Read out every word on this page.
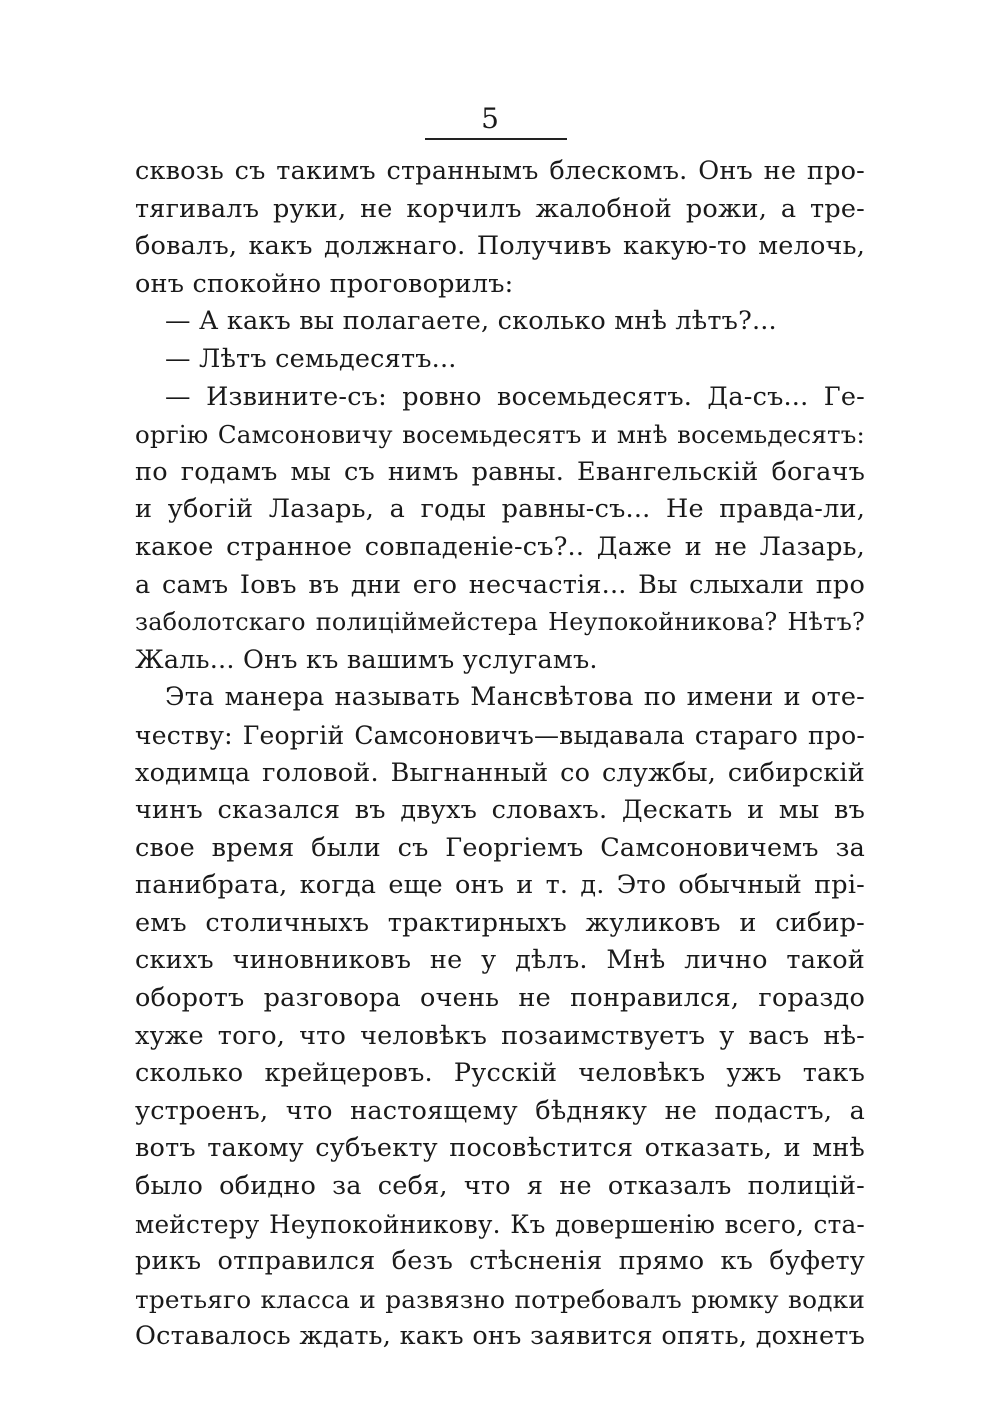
5
сквозь съ такимъ страннымъ блескомъ. Онъ не про-
тягивалъ руки, не корчилъ жалобной рожи, а тре-
бовалъ, какъ должнаго. Получивъ какую-то мелочь,
онъ спокойно проговорилъ:
— А какъ вы полагаете, сколько мнѣ лѣтъ?...
— Лѣтъ семьдесятъ...
— Извините-съ: ровно восемьдесятъ. Да-съ... Ге-
оргію Самсоновичу восемьдесятъ и мнѣ восемьдесятъ:
по годамъ мы съ нимъ равны. Евангельскій богачъ
и убогій Лазарь, а годы равны-съ... Не правда-ли,
какое странное совпаденіе-съ?.. Даже и не Лазарь,
а самъ Іовъ въ дни его несчастія... Вы слыхали про
заболотскаго полицiймейстера Неупокойникова? Нѣтъ?
Жаль... Онъ къ вашимъ услугамъ.
Эта манера называть Мансвѣтова по имени и оте-
честву: Георгій Самсоновичъ—выдавала стараго про-
ходимца головой. Выгнанный со службы, сибирскій
чинъ сказался въ двухъ словахъ. Дескать и мы въ
свое время были съ Георгіемъ Самсоновичемъ за
панибрата, когда еще онъ и т. д. Это обычный прі-
емъ столичныхъ трактирныхъ жуликовъ и сибир-
скихъ чиновниковъ не у дѣлъ. Мнѣ лично такой
оборотъ разговора очень не понравился, гораздо
хуже того, что человѣкъ позаимствуетъ у васъ нѣ-
сколько крейцеровъ. Русскій человѣкъ ужъ такъ
устроенъ, что настоящему бѣдняку не подастъ, а
вотъ такому субъекту посовѣстится отказать, и мнѣ
было обидно за себя, что я не отказалъ полицiй-
мейстеру Неупокойникову. Къ довершенію всего, ста-
рикъ отправился безъ стѣсненія прямо къ буфету
третьяго класса и развязно потребовалъ рюмку водки
Оставалось ждать, какъ онъ заявится опять, дохнетъ
